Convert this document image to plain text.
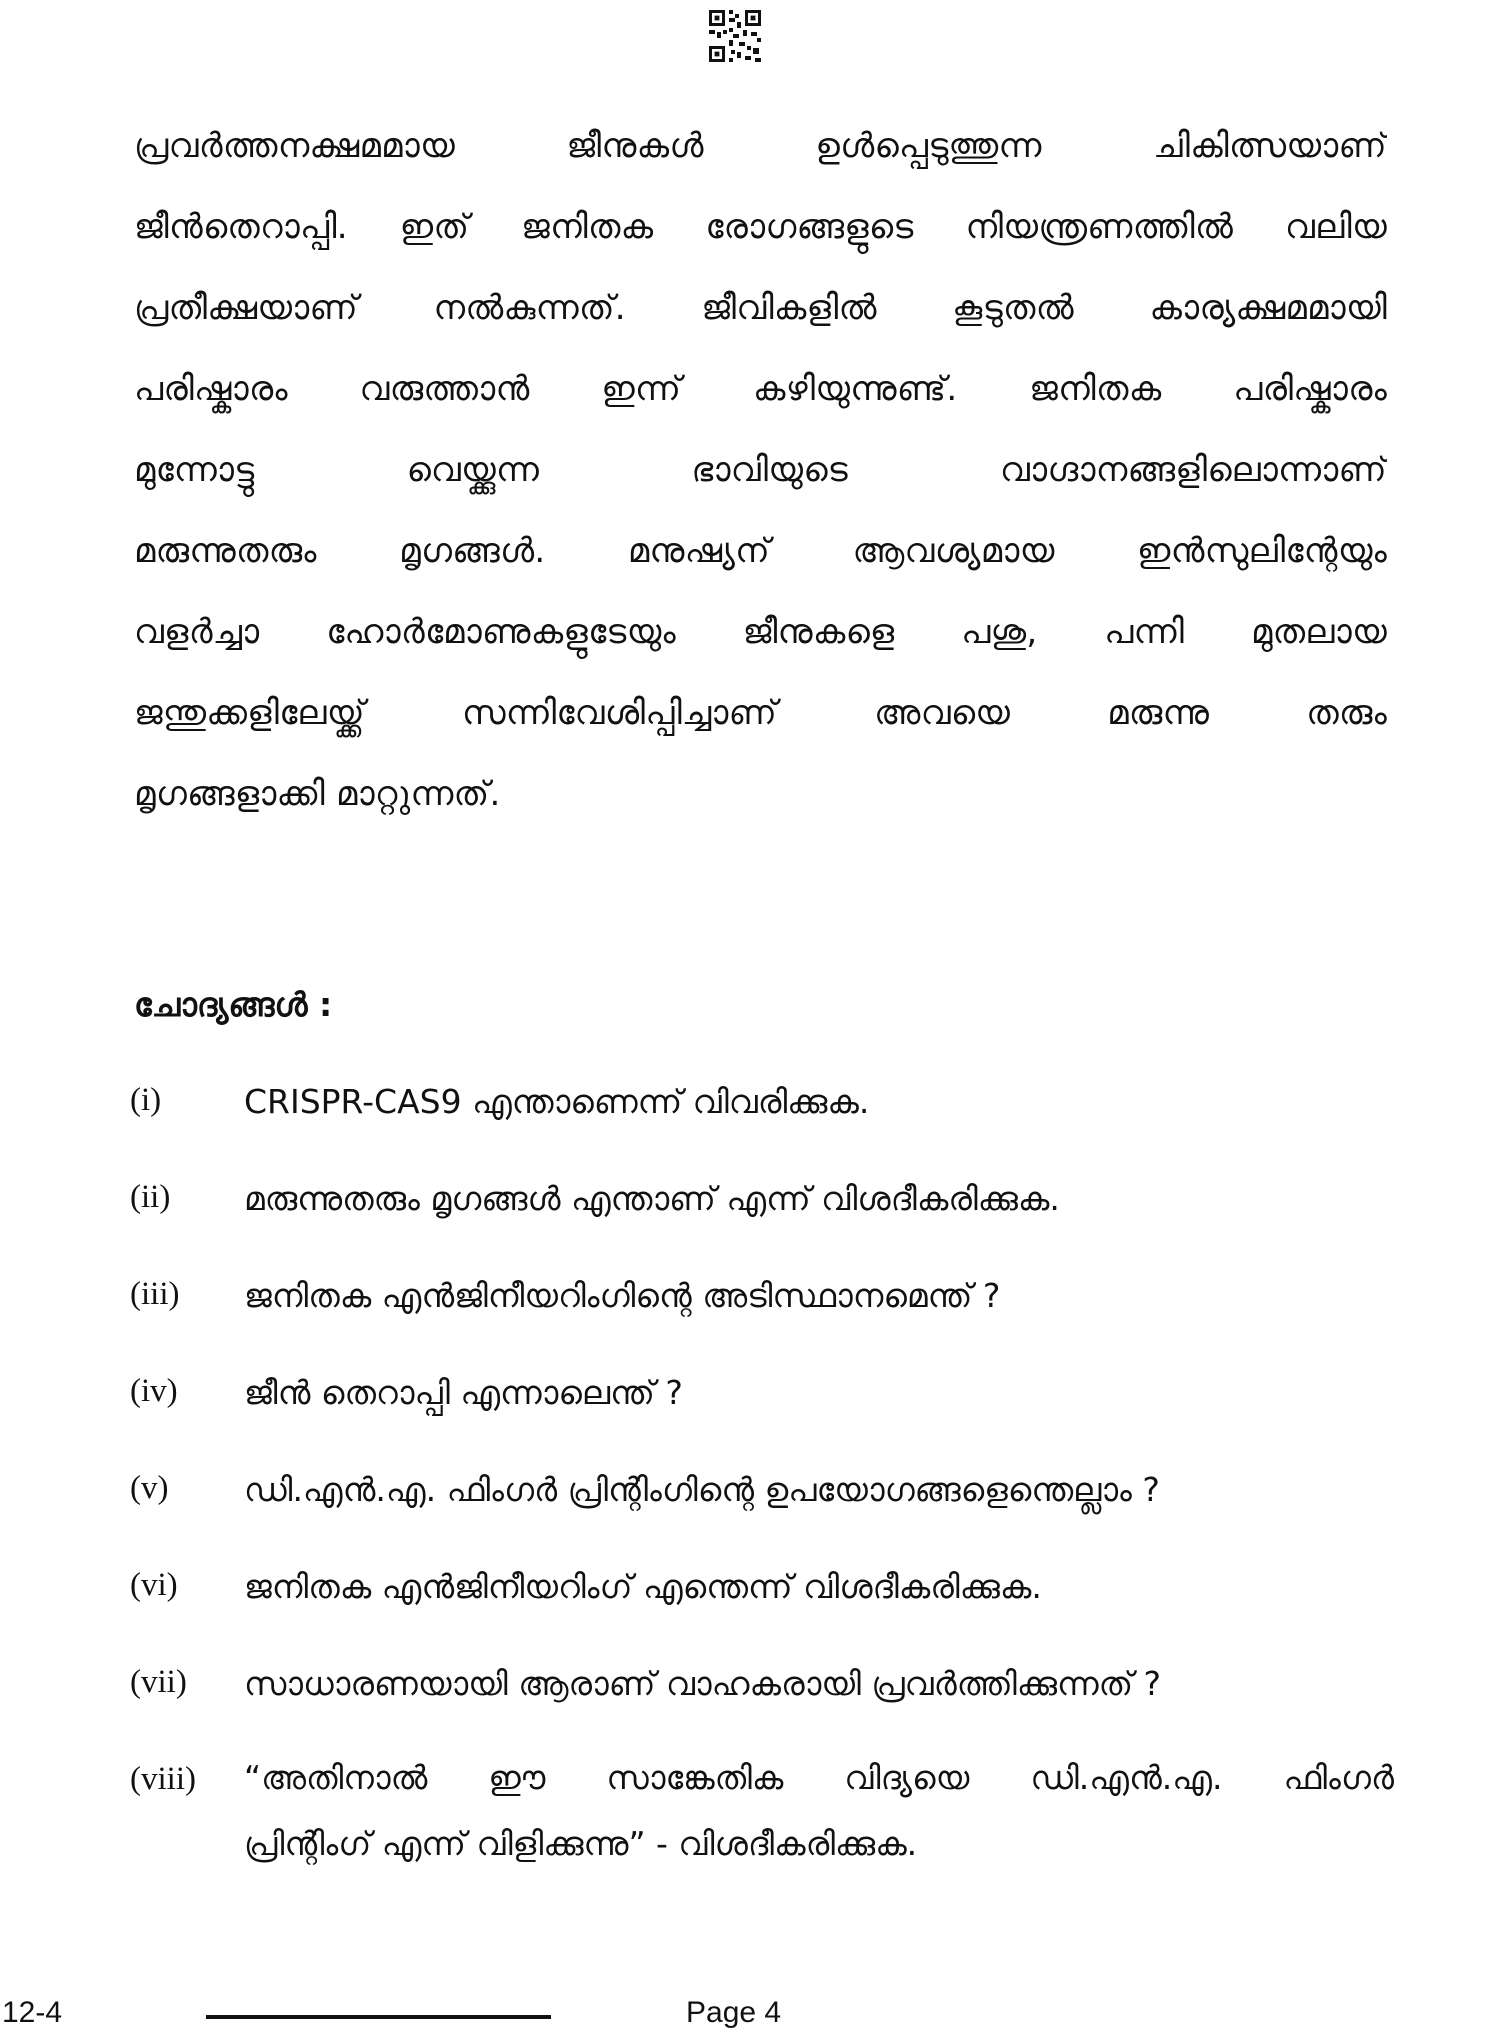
പ്രവർത്തനക്ഷമമായ ജീനുകൾ ഉൾപ്പെടുത്തുന്ന ചികിത്സയാണ്
ജീൻതെറാപ്പി. ഇത് ജനിതക രോഗങ്ങളുടെ നിയന്ത്രണത്തിൽ വലിയ
പ്രതീക്ഷയാണ് നൽകുന്നത്. ജീവികളിൽ കൂടുതൽ കാര്യക്ഷമമായി
പരിഷ്കാരം വരുത്താൻ ഇന്ന് കഴിയുന്നുണ്ട്. ജനിതക പരിഷ്കാരം
മുന്നോട്ടു വെയ്ക്കുന്ന ഭാവിയുടെ വാഗ്ദാനങ്ങളിലൊന്നാണ്
മരുന്നുതരും മൃഗങ്ങൾ. മനുഷ്യന് ആവശ്യമായ ഇൻസുലിന്റേയും
വളർച്ചാ ഹോർമോണുകളുടേയും ജീനുകളെ പശു, പന്നി മുതലായ
ജന്തുക്കളിലേയ്ക്ക് സന്നിവേശിപ്പിച്ചാണ് അവയെ മരുന്നു തരും
മൃഗങ്ങളാക്കി മാറ്റുന്നത്.
ചോദ്യങ്ങൾ :
(i)	CRISPR-CAS9 എന്താണെന്ന് വിവരിക്കുക.
(ii) മരുന്നുതരും മൃഗങ്ങൾ എന്താണ് എന്ന് വിശദീകരിക്കുക.
(iii) ജനിതക എൻജിനീയറിംഗിന്റെ അടിസ്ഥാനമെന്ത് ?
(iv) ജീൻ തെറാപ്പി എന്നാലെന്ത് ?
(v) ഡി.എൻ.എ. ഫിംഗർ പ്രിന്റിംഗിന്റെ ഉപയോഗങ്ങളെന്തെല്ലാം ?
(vi) ജനിതക എൻജിനീയറിംഗ് എന്തെന്ന് വിശദീകരിക്കുക.
(vii) സാധാരണയായി ആരാണ് വാഹകരായി പ്രവർത്തിക്കുന്നത് ?
(viii) “അതിനാൽ ഈ സാങ്കേതിക വിദ്യയെ ഡി.എൻ.എ. ഫിംഗർ
പ്രിന്റിംഗ് എന്ന് വിളിക്കുന്നു” - വിശദീകരിക്കുക.
12-4	Page 4
